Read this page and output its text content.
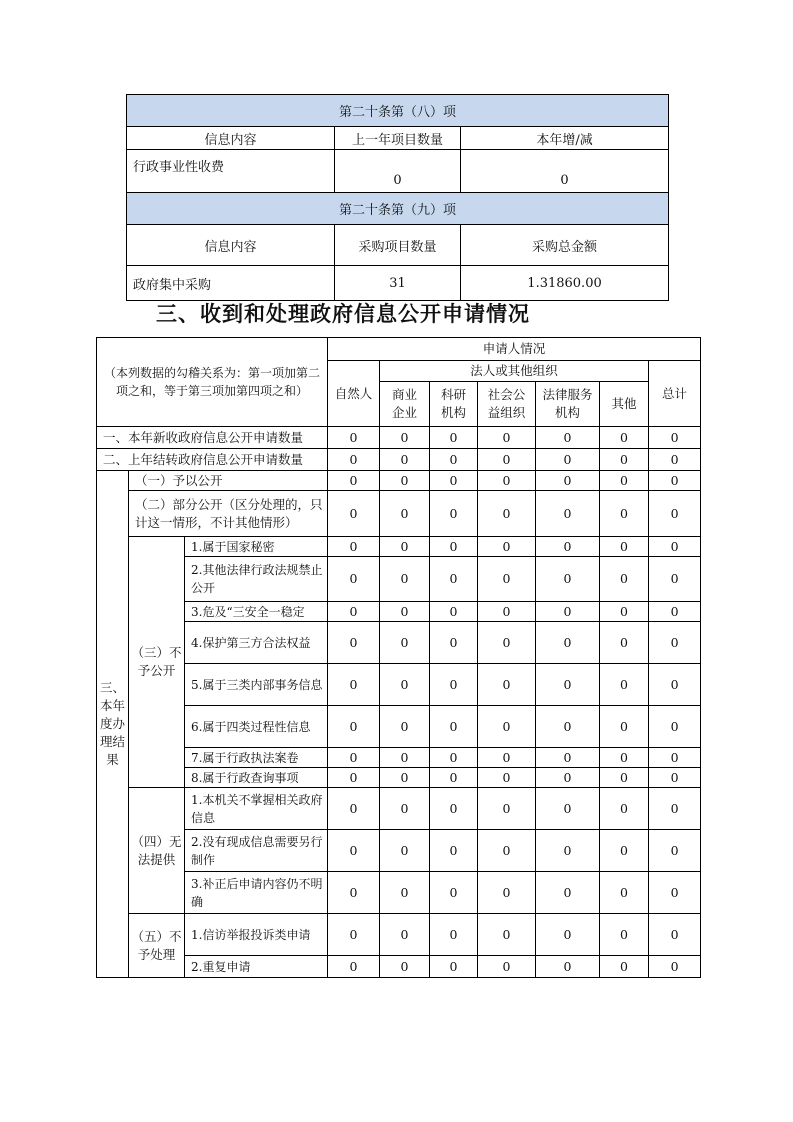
第二十条第（八）项		
信息内容	上一年项目数量	本年增/减
行政事业性收费	0	0
第二十条第（九）项		
信息内容	采购项目数量	采购总金额
政府集中采购	31	1.31860.00
三、收到和处理政府信息公开申请情况
（本列数据的勾稽关系为：第一项加第二项之和，等于第三项加第四项之和）			申请人情况						
			自然人	法人或其他组织					总计
				商业企业	科研机构	社会公益组织	法律服务机构	其他	
一、本年新收政府信息公开申请数量			0	0	0	0	0	0	0
二、上年结转政府信息公开申请数量			0	0	0	0	0	0	0
三、本年度办理结果	（一）予以公开		0	0	0	0	0	0	0
	（二）部分公开（区分处理的，只计这一情形，不计其他情形）		0	0	0	0	0	0	0
	（三）不予公开	1.属于国家秘密	0	0	0	0	0	0	0
		2.其他法律行政法规禁止公开	0	0	0	0	0	0	0
		3.危及“三安全一稳定	0	0	0	0	0	0	0
		4.保护第三方合法权益	0	0	0	0	0	0	0
		5.属于三类内部事务信息	0	0	0	0	0	0	0
		6.属于四类过程性信息	0	0	0	0	0	0	0
		7.属于行政执法案卷	0	0	0	0	0	0	0
		8.属于行政查询事项	0	0	0	0	0	0	0
	（四）无法提供	1.本机关不掌握相关政府信息	0	0	0	0	0	0	0
		2.没有现成信息需要另行制作	0	0	0	0	0	0	0
		3.补正后申请内容仍不明确	0	0	0	0	0	0	0
	（五）不予处理	1.信访举报投诉类申请	0	0	0	0	0	0	0
		2.重复申请	0	0	0	0	0	0	0
